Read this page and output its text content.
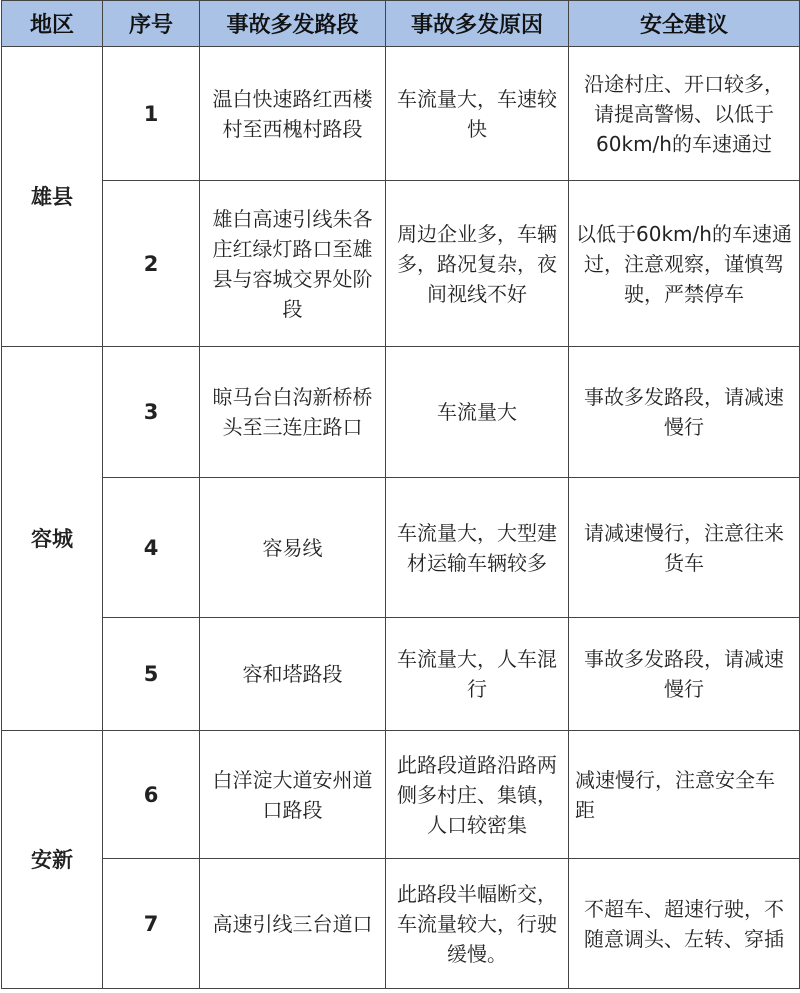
地区	序号	事故多发路段	事故多发原因	安全建议
雄县	1	温白快速路红西楼村至西槐村路段	车流量大，车速较快	沿途村庄、开口较多，请提高警惕、以低于60km/h的车速通过
	2	雄白高速引线朱各庄红绿灯路口至雄县与容城交界处阶段	周边企业多，车辆多，路况复杂，夜间视线不好	以低于60km/h的车速通过，注意观察，谨慎驾驶，严禁停车
容城	3	晾马台白沟新桥桥头至三连庄路口	车流量大	事故多发路段，请减速慢行
	4	容易线	车流量大，大型建材运输车辆较多	请减速慢行，注意往来货车
	5	容和塔路段	车流量大，人车混行	事故多发路段，请减速慢行
安新	6	白洋淀大道安州道口路段	此路段道路沿路两侧多村庄、集镇，人口较密集	减速慢行，注意安全车距
	7	高速引线三台道口	此路段半幅断交，车流量较大，行驶缓慢。	不超车、超速行驶，不随意调头、左转、穿插
